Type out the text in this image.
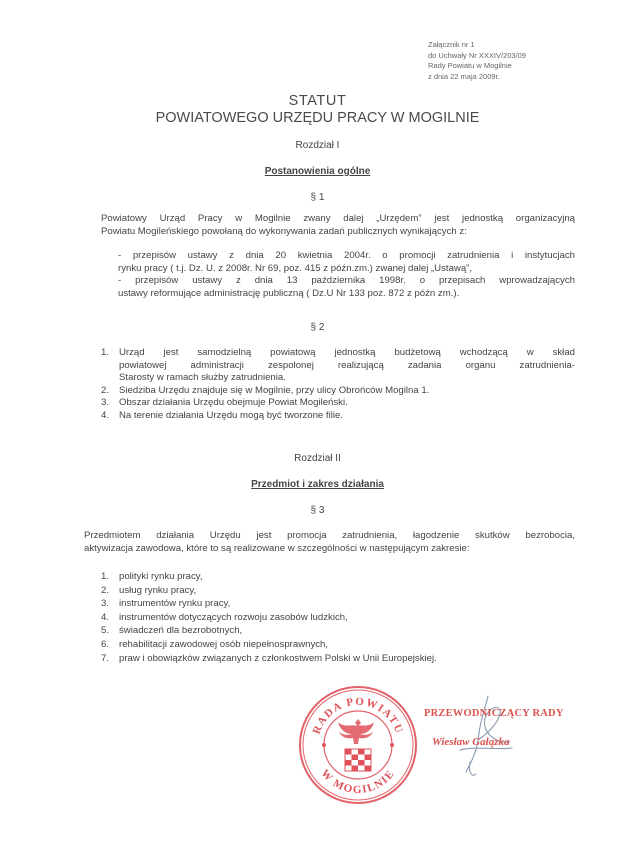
Załącznik nr 1
do Uchwały Nr XXXIV/203/09
Rady Powiatu w Mogilnie
z dnia 22 maja 2009r.
STATUT
POWIATOWEGO URZĘDU PRACY W MOGILNIE
Rozdział I
Postanowienia ogólne
§ 1
Powiatowy Urząd Pracy w Mogilnie zwany dalej „Urzędem” jest jednostką organizacyjną
Powiatu Mogileńskiego powołaną do wykonywania zadań publicznych wynikających z:
- przepisów ustawy z dnia 20 kwietnia 2004r. o promocji zatrudnienia i instytucjach
rynku pracy ( t.j. Dz. U. z 2008r. Nr 69, poz. 415 z późn.zm.) zwanej dalej „Ustawą”,
- przepisów ustawy z dnia 13 października 1998r. o przepisach wprowadzających
ustawy reformujące administrację publiczną ( Dz.U Nr 133 poz. 872 z późn zm.).
§ 2
1. Urząd jest samodzielną powiatową jednostką budżetową wchodzącą w skład
powiatowej administracji zespolonej realizującą zadania organu zatrudnienia-
Starosty w ramach służby zatrudnienia.
2. Siedziba Urzędu znajduje się w Mogilnie, przy ulicy Obrońców Mogilna 1.
3. Obszar działania Urzędu obejmuje Powiat Mogileński.
4. Na terenie działania Urzędu mogą być tworzone filie.
Rozdział II
Przedmiot i zakres działania
§ 3
Przedmiotem działania Urzędu jest promocja zatrudnienia, łagodzenie skutków bezrobocia,
aktywizacja zawodowa, które to są realizowane w szczególności w następującym zakresie:
1. polityki rynku pracy,
2. usług rynku pracy,
3. instrumentów rynku pracy,
4. instrumentów dotyczących rozwoju zasobów ludzkich,
5. świadczeń dla bezrobotnych,
6. rehabilitacji zawodowej osób niepełnosprawnych,
7. praw i obowiązków związanych z członkostwem Polski w Unii Europejskiej.
RADA POWIATU
W MOGILNIE
PRZEWODNICZĄCY RADY
Wiesław Gałązka
